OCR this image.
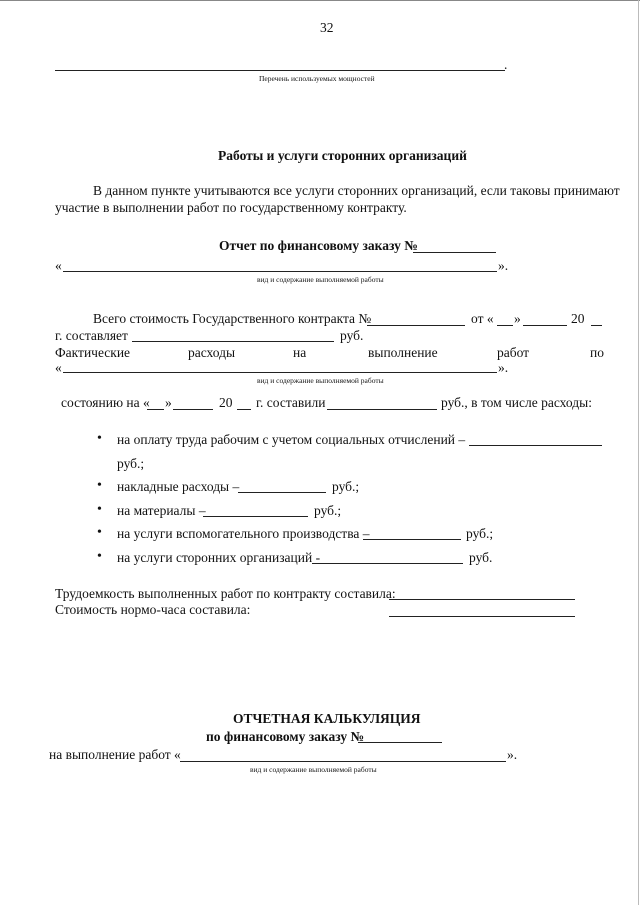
32
.
Перечень используемых мощностей
Работы и услуги сторонних организаций
В данном пункте учитываются все услуги сторонних организаций, если таковы принимают
участие в выполнении работ по государственному контракту.
Отчет по финансовому заказу №
«	».
вид и содержание выполняемой работы
Всего стоимость Государственного контракта №	от « »	20
г. составляет	руб.
Фактические	расходы	на	выполнение	работ	по
«	».
вид и содержание выполняемой работы
состоянию на « »	20 г. составили	руб., в том числе расходы:
• на оплату труда рабочим с учетом социальных отчислений –
руб.;
• накладные расходы –	руб.;
• на материалы –	руб.;
• на услуги вспомогательного производства –	руб.;
• на услуги сторонних организаций -	руб.
Трудоемкость выполненных работ по контракту составила:
Стоимость нормо-часа составила:
ОТЧЕТНАЯ КАЛЬКУЛЯЦИЯ
по финансовому заказу №
на выполнение работ «	».
вид и содержание выполняемой работы
